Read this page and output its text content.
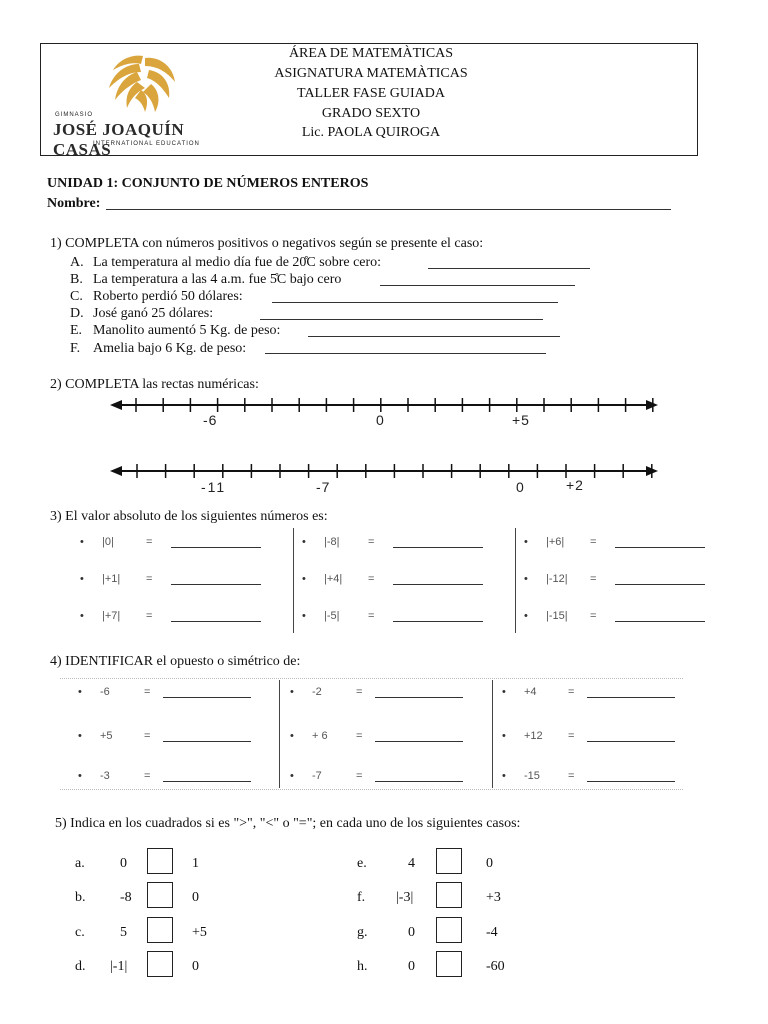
GIMNASIO
JOSÉ JOAQUÍN CASAS
INTERNATIONAL EDUCATION
ÁREA DE MATEMÀTICAS
ASIGNATURA MATEMÀTICAS
TALLER FASE GUIADA
GRADO SEXTO
Lic. PAOLA QUIROGA
UNIDAD 1: CONJUNTO DE NÚMEROS ENTEROS
Nombre:
1) COMPLETA con números positivos o negativos según se presente el caso:
A. La temperatura al medio día fue de 20̊C sobre cero:
B. La temperatura a las 4 a.m. fue 5̊C bajo cero
C. Roberto perdió 50 dólares:
D. José ganó 25 dólares:
E. Manolito aumentó 5 Kg. de peso:
F. Amelia bajo 6 Kg. de peso:
2) COMPLETA las rectas numéricas:
-6	0	+5
-11	-7	0	+2
3) El valor absoluto de los siguientes números es:
• |0|	=
• |+1| =
• |+7| =
• |-8|	=
• |+4| =
• |-5|	=
• |+6| =
• |-12| =
• |-15| =
4) IDENTIFICAR el opuesto o simétrico de:
• -6	=
• +5	=
• -3	=
• -2	=
• + 6	=
• -7	=
• +4	=
• +12 =
• -15	=
5) Indica en los cuadrados si es ">", "<" o "="; en cada uno de los siguientes casos:
a.	0	1
b. -8	0
c.	5	+5
d. |-1|	0
e.	4	0
f. |-3|	+3
g.	0	-4
h.	0	-60
